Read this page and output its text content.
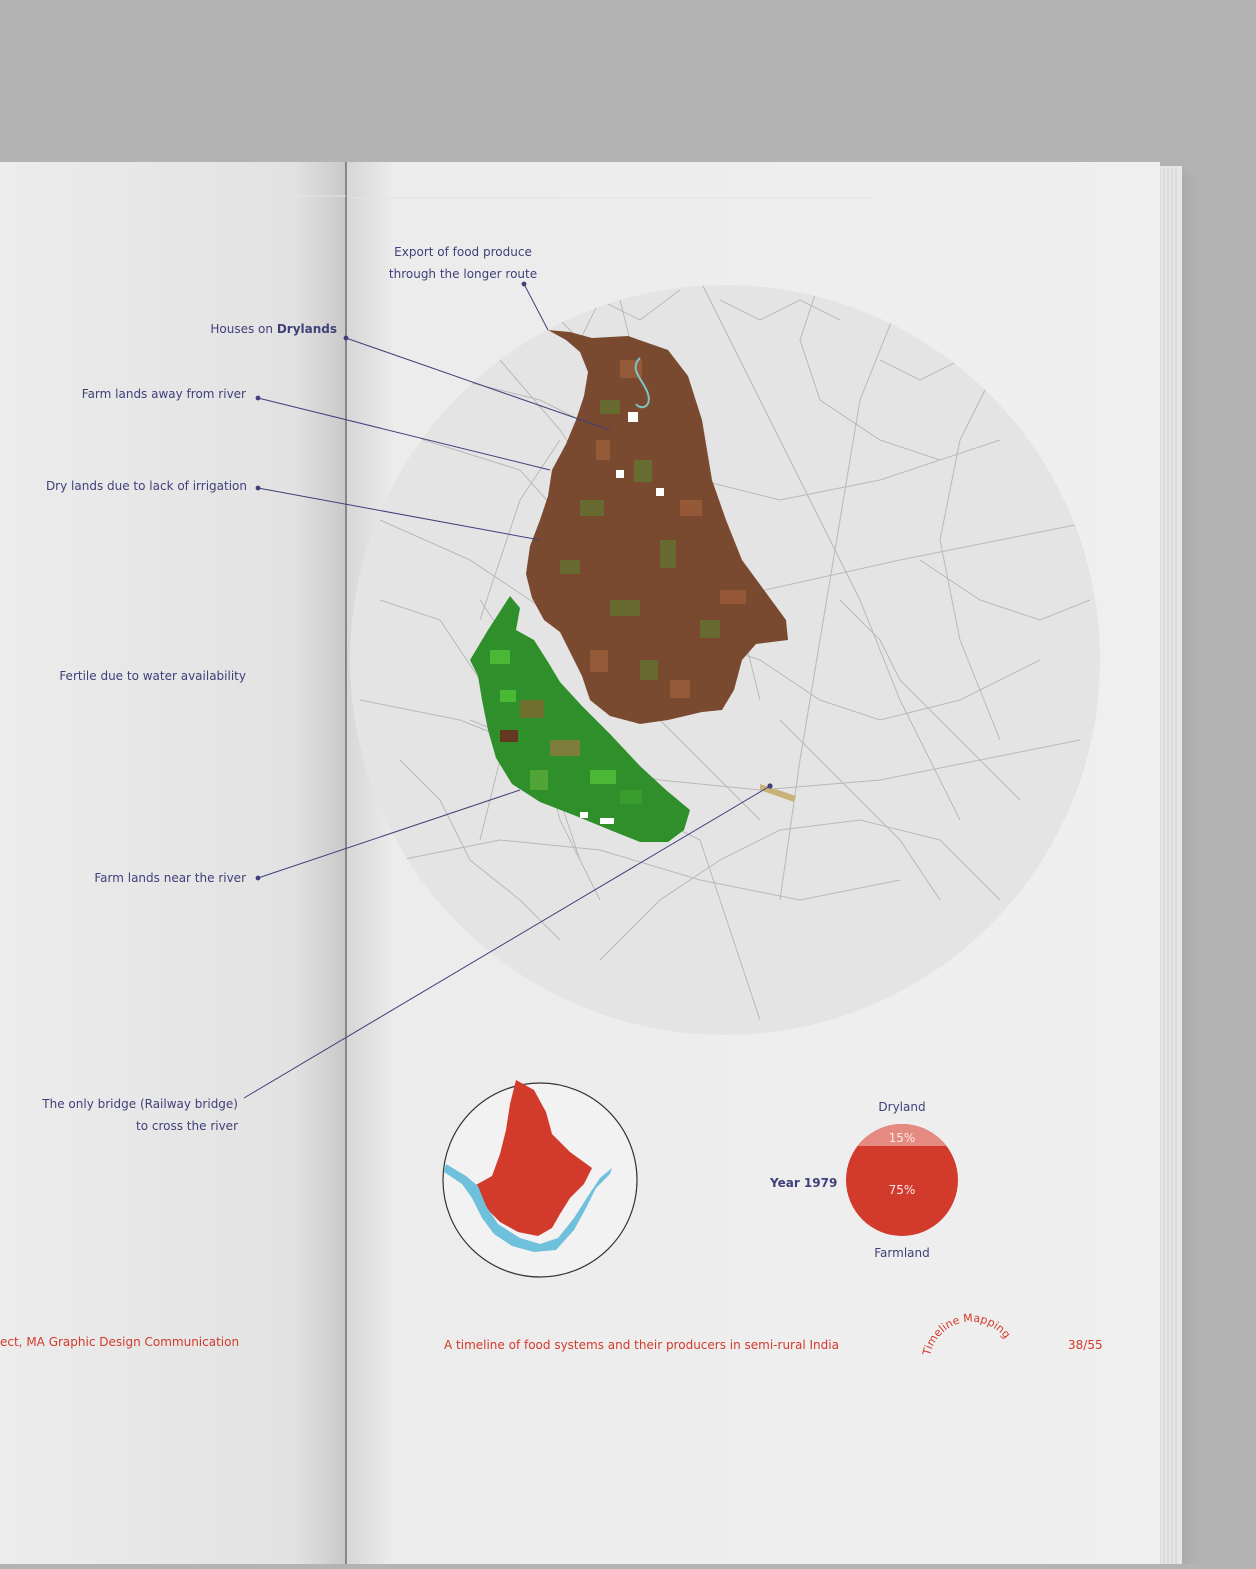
Timeline Mapping
Export of food produce
through the longer route
Houses on Drylands
Farm lands away from river
Dry lands due to lack of irrigation
Fertile due to water availability
Farm lands near the river
The only bridge (Railway bridge)
to cross the river
Dryland
Farmland
Year 1979
15%
75%
ect, MA Graphic Design Communication	A timeline of food systems and their producers in semi-rural India	38/55
